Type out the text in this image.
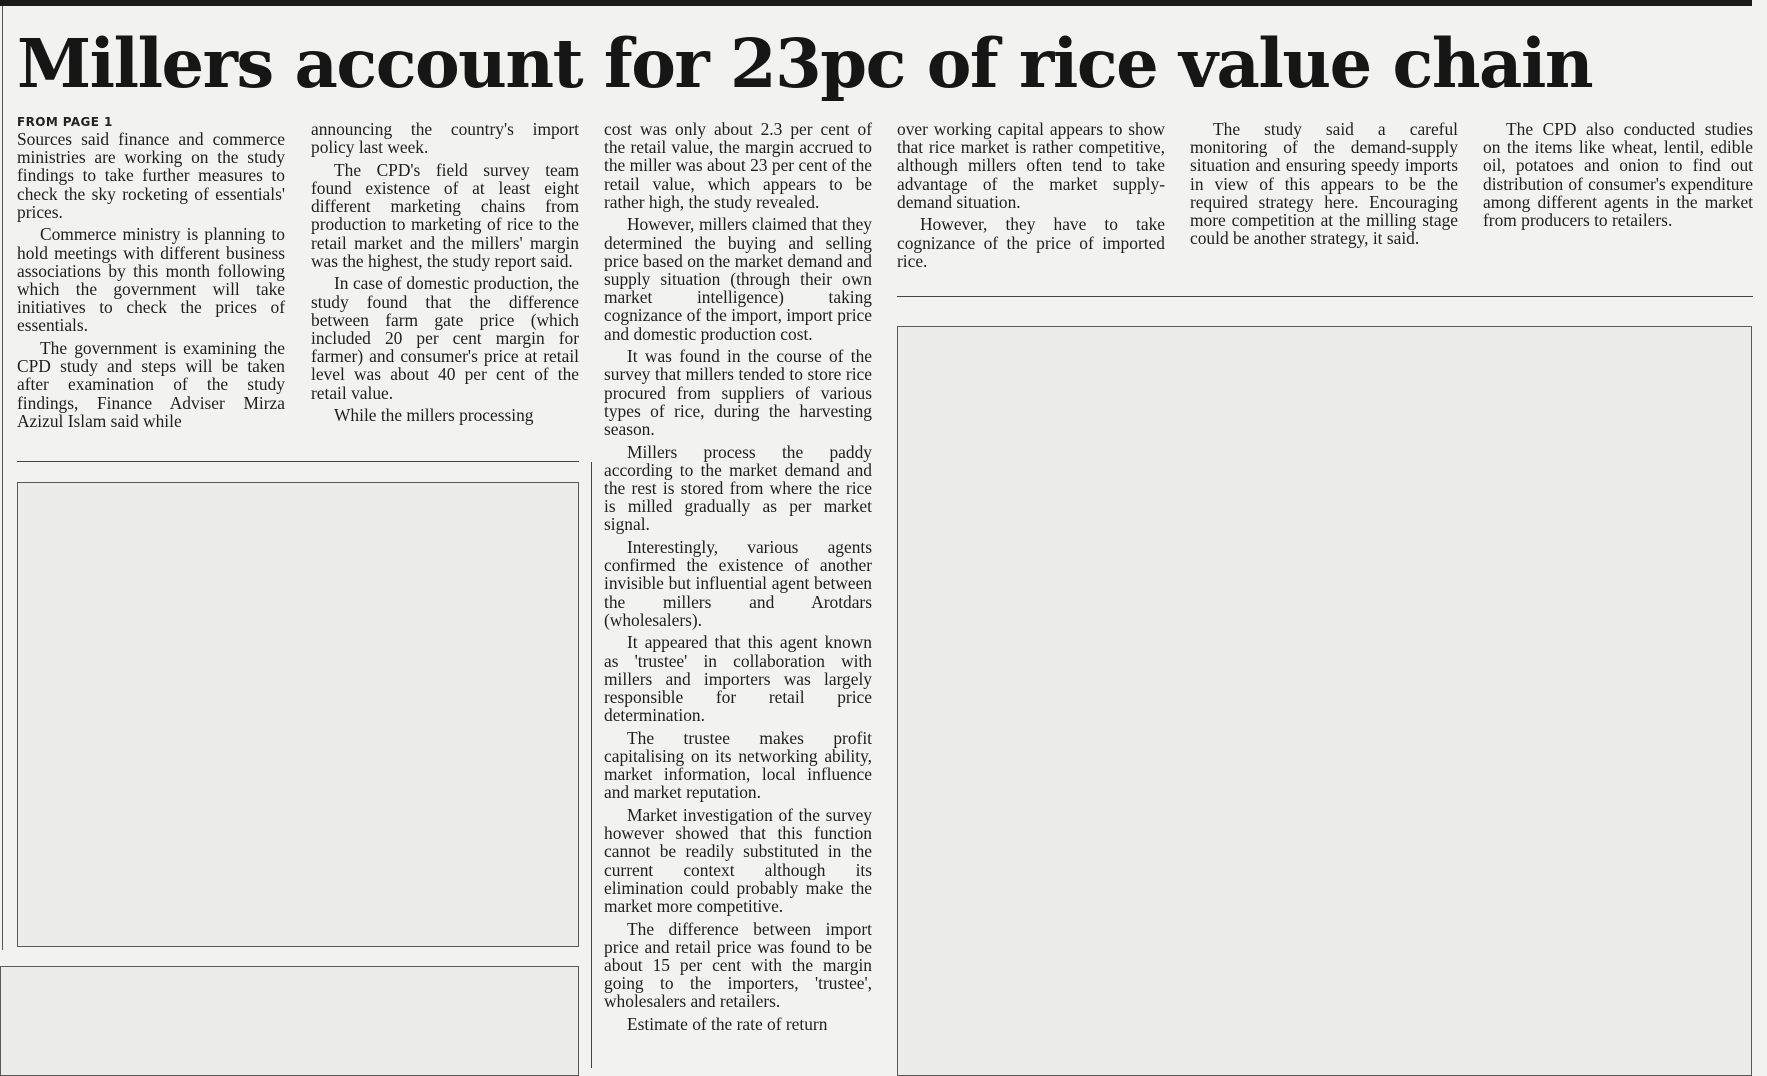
Millers account for 23pc of rice value chain
FROM PAGE 1

Sources said finance and commerce ministries are working on the study findings to take further measures to check the sky rocketing of essentials' prices.

Commerce ministry is planning to hold meetings with different business associations by this month following which the government will take initiatives to check the prices of essentials.

The government is examining the CPD study and steps will be taken after examination of the study findings, Finance Adviser Mirza Azizul Islam said while

announcing the country's import policy last week.

The CPD's field survey team found existence of at least eight different marketing chains from production to marketing of rice to the retail market and the millers' margin was the highest, the study report said.

In case of domestic production, the study found that the difference between farm gate price (which included 20 per cent margin for farmer) and consumer's price at retail level was about 40 per cent of the retail value.

While the millers processing

cost was only about 2.3 per cent of the retail value, the margin accrued to the miller was about 23 per cent of the retail value, which appears to be rather high, the study revealed.

However, millers claimed that they determined the buying and selling price based on the market demand and supply situation (through their own market intelligence) taking cognizance of the import, import price and domestic production cost.

It was found in the course of the survey that millers tended to store rice procured from suppliers of various types of rice, during the harvesting season.

Millers process the paddy according to the market demand and the rest is stored from where the rice is milled gradually as per market signal.

Interestingly, various agents confirmed the existence of another invisible but influential agent between the millers and Arotdars (wholesalers).

It appeared that this agent known as 'trustee' in collaboration with millers and importers was largely responsible for retail price determination.

The trustee makes profit capitalising on its networking ability, market information, local influence and market reputation.

Market investigation of the survey however showed that this function cannot be readily substituted in the current context although its elimination could probably make the market more competitive.

The difference between import price and retail price was found to be about 15 per cent with the margin going to the importers, 'trustee', wholesalers and retailers.

Estimate of the rate of return

over working capital appears to show that rice market is rather competitive, although millers often tend to take advantage of the market supply-demand situation.

However, they have to take cognizance of the price of imported rice.

The study said a careful monitoring of the demand-supply situation and ensuring speedy imports in view of this appears to be the required strategy here. Encouraging more competition at the milling stage could be another strategy, it said.

The CPD also conducted studies on the items like wheat, lentil, edible oil, potatoes and onion to find out distribution of consumer's expenditure among different agents in the market from producers to retailers.
